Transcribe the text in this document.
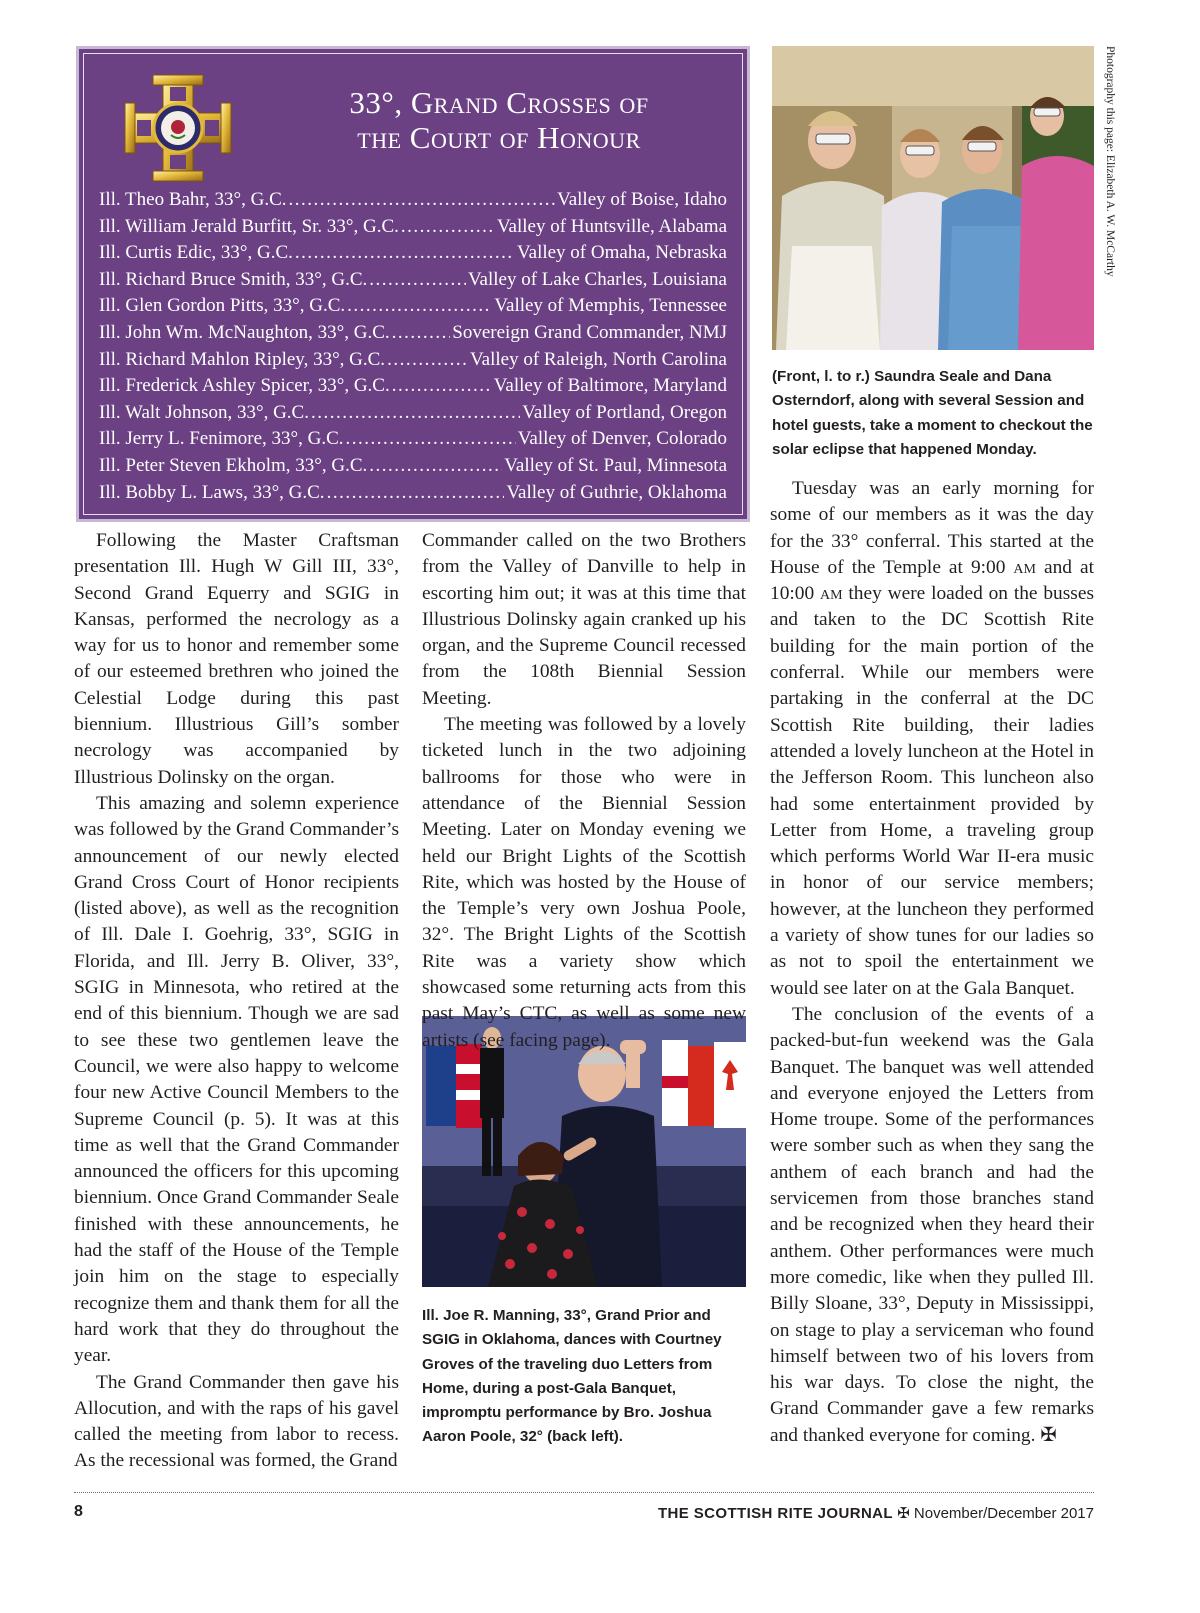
33°, Grand Crosses of
the Court of Honour
Ill. Theo Bahr, 33°, G.C. .....	Valley of Boise, Idaho
Ill. William Jerald Burfitt, Sr. 33°, G.C. .....	Valley of Huntsville, Alabama
Ill. Curtis Edic, 33°, G.C. .....	Valley of Omaha, Nebraska
Ill. Richard Bruce Smith, 33°, G.C. .....	Valley of Lake Charles, Louisiana
Ill. Glen Gordon Pitts, 33°, G.C. .....	Valley of Memphis, Tennessee
Ill. John Wm. McNaughton, 33°, G.C. .....	Sovereign Grand Commander, NMJ
Ill. Richard Mahlon Ripley, 33°, G.C. .....	Valley of Raleigh, North Carolina
Ill. Frederick Ashley Spicer, 33°, G.C. .....	Valley of Baltimore, Maryland
Ill. Walt Johnson, 33°, G.C. .....	Valley of Portland, Oregon
Ill. Jerry L. Fenimore, 33°, G.C. .....	Valley of Denver, Colorado
Ill. Peter Steven Ekholm, 33°, G.C. .....	Valley of St. Paul, Minnesota
Ill. Bobby L. Laws, 33°, G.C. .....	Valley of Guthrie, Oklahoma
Photography this page: Elizabeth A. W. McCarthy
(Front, l. to r.) Saundra Seale and Dana Osterndorf, along with several Session and hotel guests, take a moment to checkout the solar eclipse that happened Monday.
Ill. Joe R. Manning, 33°, Grand Prior and SGIG in Oklahoma, dances with Courtney Groves of the traveling duo Letters from Home, during a post-Gala Banquet, impromptu performance by Bro. Joshua Aaron Poole, 32° (back left).

Following the Master Craftsman presentation Ill. Hugh W Gill III, 33°, Second Grand Equerry and SGIG in Kansas, performed the necrology as a way for us to honor and remember some of our esteemed brethren who joined the Celestial Lodge during this past biennium. Illustrious Gill’s somber necrology was accompanied by Illustrious Dolinsky on the organ.

This amazing and solemn experience was followed by the Grand Commander’s announcement of our newly elected Grand Cross Court of Honor recipients (listed above), as well as the recognition of Ill. Dale I. Goehrig, 33°, SGIG in Florida, and Ill. Jerry B. Oliver, 33°, SGIG in Minnesota, who retired at the end of this biennium. Though we are sad to see these two gentlemen leave the Council, we were also happy to welcome four new Active Council Members to the Supreme Council (p. 5). It was at this time as well that the Grand Commander announced the officers for this upcoming biennium. Once Grand Commander Seale finished with these announcements, he had the staff of the House of the Temple join him on the stage to especially recognize them and thank them for all the hard work that they do throughout the year.

The Grand Commander then gave his Allocution, and with the raps of his gavel called the meeting from labor to recess. As the recessional was formed, the Grand

Commander called on the two Brothers from the Valley of Danville to help in escorting him out; it was at this time that Illustrious Dolinsky again cranked up his organ, and the Supreme Council recessed from the 108th Biennial Session Meeting.

The meeting was followed by a lovely ticketed lunch in the two adjoining ballrooms for those who were in attendance of the Biennial Session Meeting. Later on Monday evening we held our Bright Lights of the Scottish Rite, which was hosted by the House of the Temple’s very own Joshua Poole, 32°. The Bright Lights of the Scottish Rite was a variety show which showcased some returning acts from this past May’s CTC, as well as some new artists (see facing page).

Tuesday was an early morning for some of our members as it was the day for the 33° conferral. This started at the House of the Temple at 9:00 am and at 10:00 am they were loaded on the busses and taken to the DC Scottish Rite building for the main portion of the conferral. While our members were partaking in the conferral at the DC Scottish Rite building, their ladies attended a lovely luncheon at the Hotel in the Jefferson Room. This luncheon also had some entertainment provided by Letter from Home, a traveling group which performs World War II-era music in honor of our service members; however, at the luncheon they performed a variety of show tunes for our ladies so as not to spoil the entertainment we would see later on at the Gala Banquet.

The conclusion of the events of a packed-but-fun weekend was the Gala Banquet. The banquet was well attended and everyone enjoyed the Letters from Home troupe. Some of the performances were somber such as when they sang the anthem of each branch and had the servicemen from those branches stand and be recognized when they heard their anthem. Other performances were much more comedic, like when they pulled Ill. Billy Sloane, 33°, Deputy in Mississippi, on stage to play a serviceman who found himself between two of his lovers from his war days. To close the night, the Grand Commander gave a few remarks and thanked everyone for coming. ✠

8	THE SCOTTISH RITE JOURNAL ✠ November/December 2017
